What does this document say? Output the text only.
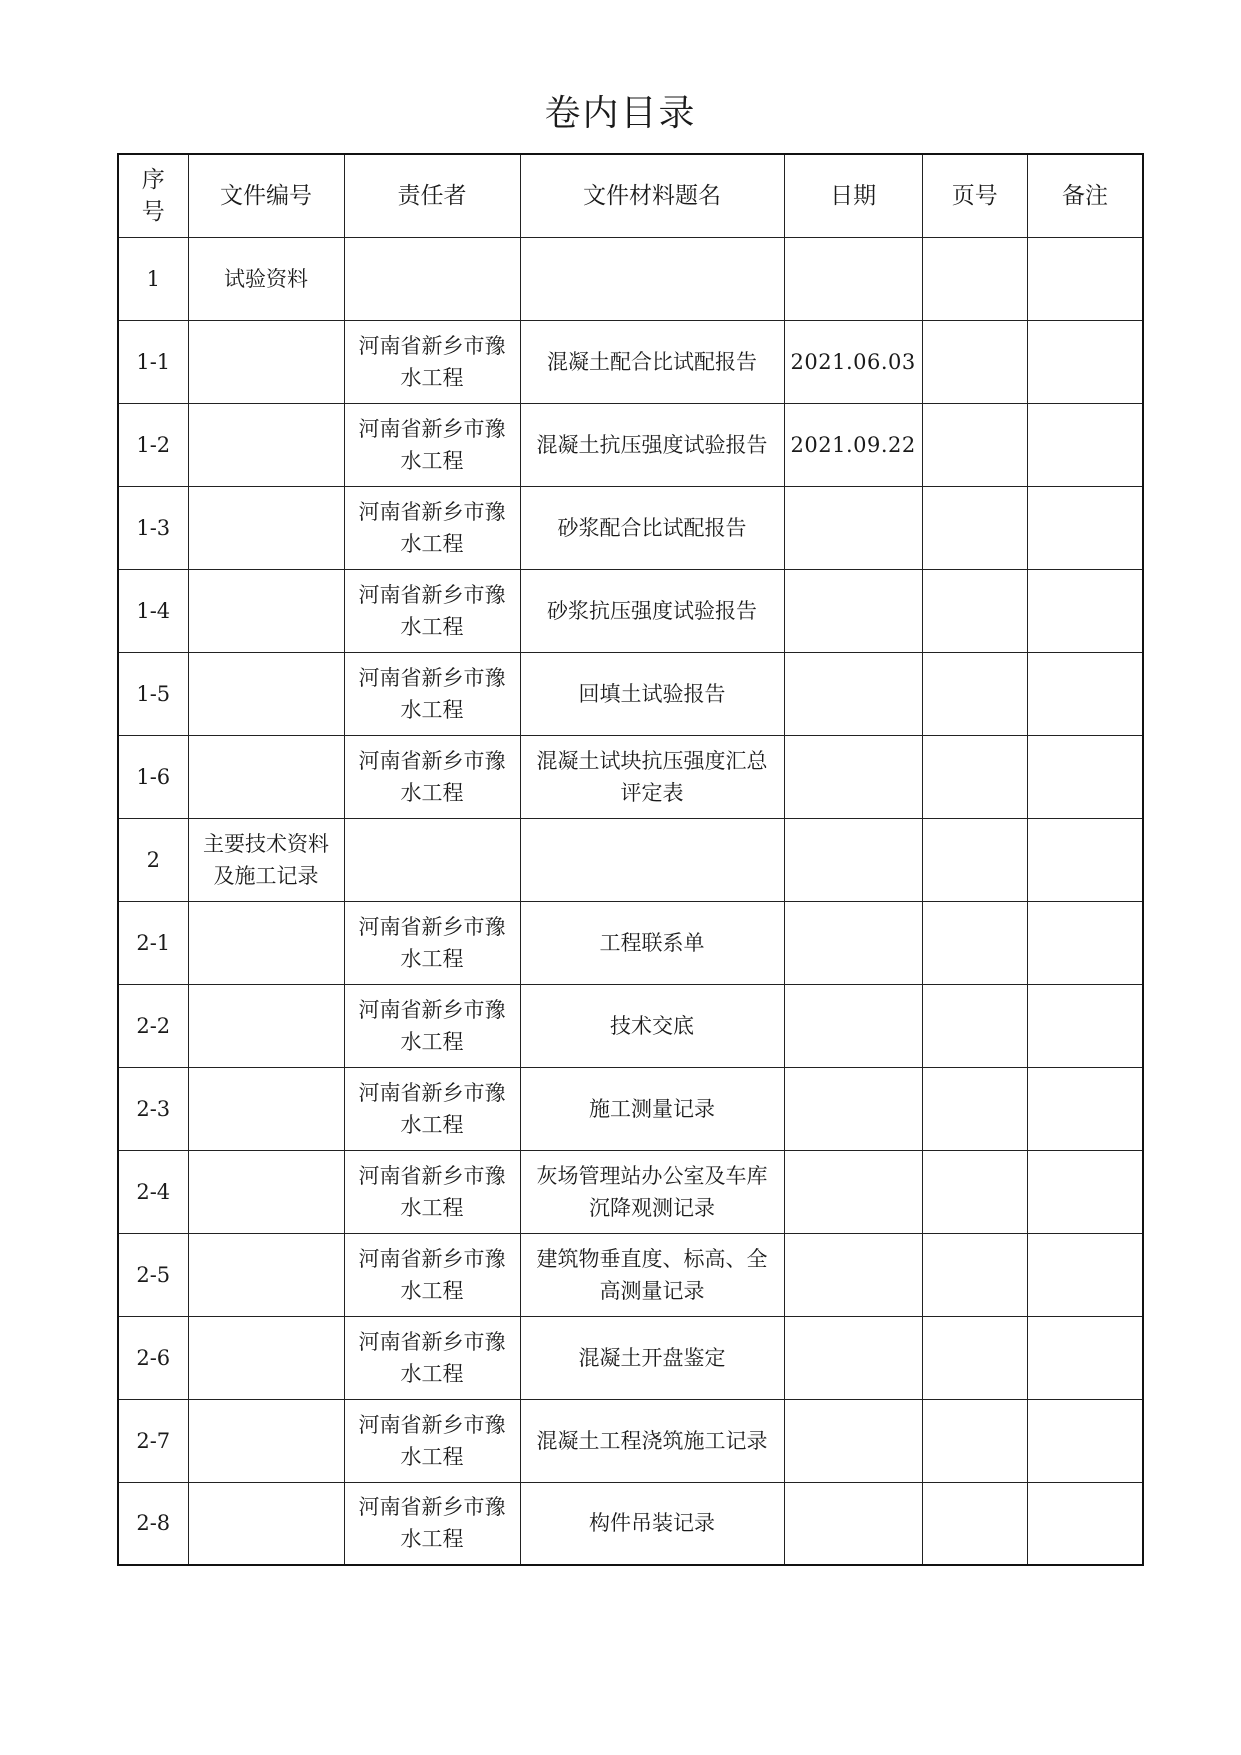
卷内目录
序号	文件编号	责任者	文件材料题名	日期	页号	备注
1	试验资料					
1-1		河南省新乡市豫水工程	混凝土配合比试配报告	2021.06.03		
1-2		河南省新乡市豫水工程	混凝土抗压强度试验报告	2021.09.22		
1-3		河南省新乡市豫水工程	砂浆配合比试配报告			
1-4		河南省新乡市豫水工程	砂浆抗压强度试验报告			
1-5		河南省新乡市豫水工程	回填土试验报告			
1-6		河南省新乡市豫水工程	混凝土试块抗压强度汇总评定表			
2	主要技术资料及施工记录					
2-1		河南省新乡市豫水工程	工程联系单			
2-2		河南省新乡市豫水工程	技术交底			
2-3		河南省新乡市豫水工程	施工测量记录			
2-4		河南省新乡市豫水工程	灰场管理站办公室及车库沉降观测记录			
2-5		河南省新乡市豫水工程	建筑物垂直度、标高、全高测量记录			
2-6		河南省新乡市豫水工程	混凝土开盘鉴定			
2-7		河南省新乡市豫水工程	混凝土工程浇筑施工记录			
2-8		河南省新乡市豫水工程	构件吊装记录			
